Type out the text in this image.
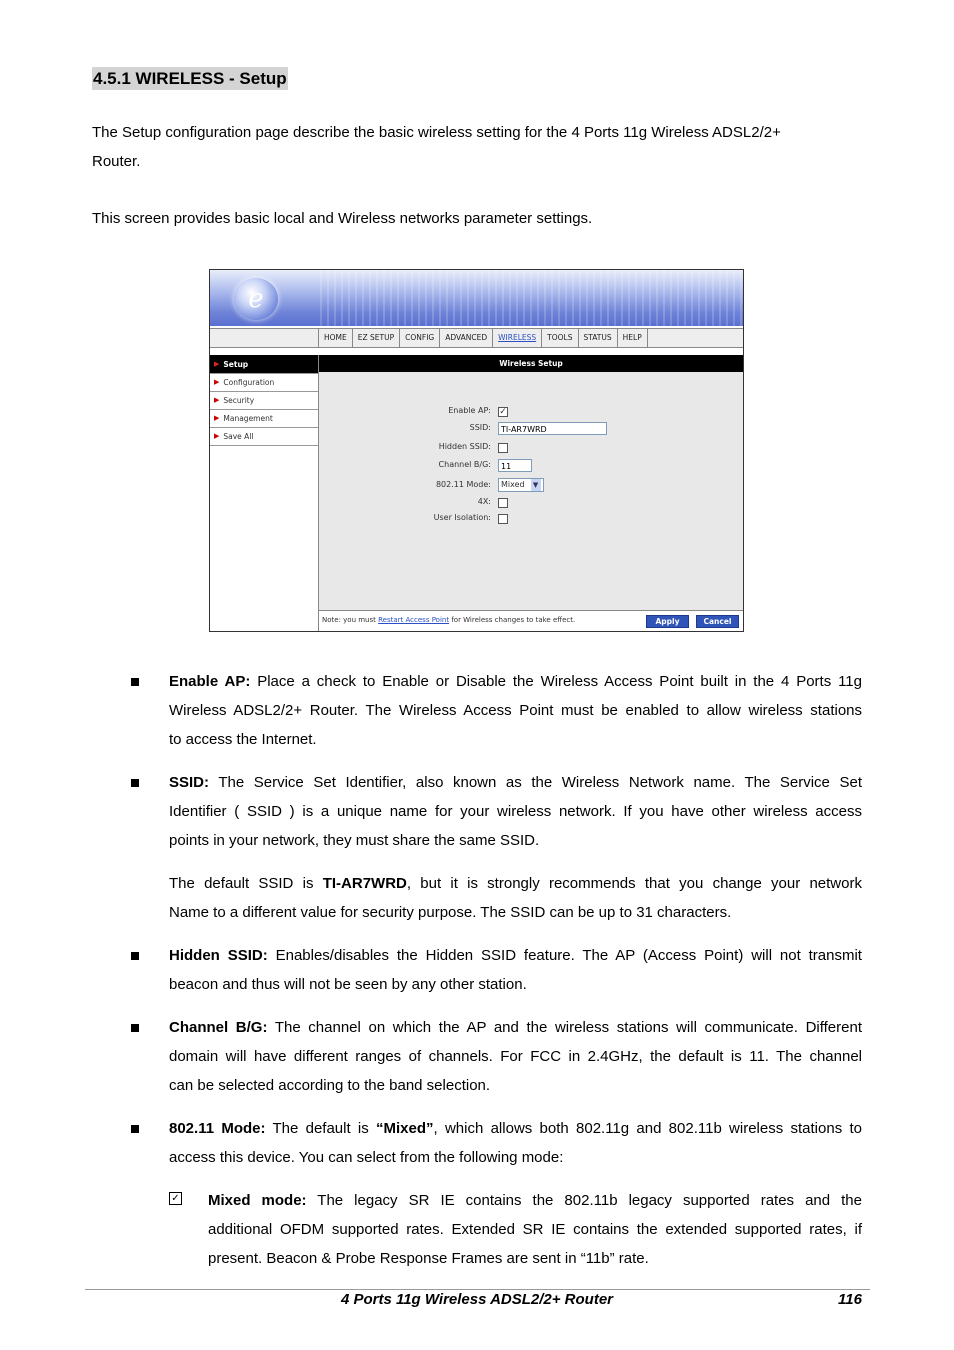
4.5.1 WIRELESS - Setup
The Setup configuration page describe the basic wireless setting for the 4 Ports 11g Wireless ADSL2/2+
Router.
This screen provides basic local and Wireless networks parameter settings.
e
HOME	EZ SETUP	CONFIG	ADVANCED	WIRELESS	TOOLS	STATUS	HELP
▶ Setup
▶ Configuration
▶ Security
▶ Management
▶ Save All
Wireless Setup
Enable AP: ✓
SSID:	TI-AR7WRD
Hidden SSID:
Channel B/G:	11
802.11 Mode: Mixed	▼
4X:
User Isolation:
Note: you must Restart Access Point for Wireless changes to take effect.	Apply	Cancel
Enable AP: Place a check to Enable or Disable the Wireless Access Point built in the 4 Ports 11g
Wireless ADSL2/2+ Router. The Wireless Access Point must be enabled to allow wireless stations
to access the Internet.
SSID: The Service Set Identifier, also known as the Wireless Network name. The Service Set
Identifier ( SSID ) is a unique name for your wireless network. If you have other wireless access
points in your network, they must share the same SSID.
The default SSID is TI-AR7WRD, but it is strongly recommends that you change your network
Name to a different value for security purpose. The SSID can be up to 31 characters.
Hidden SSID: Enables/disables the Hidden SSID feature. The AP (Access Point) will not transmit
beacon and thus will not be seen by any other station.
Channel B/G: The channel on which the AP and the wireless stations will communicate. Different
domain will have different ranges of channels. For FCC in 2.4GHz, the default is 11. The channel
can be selected according to the band selection.
802.11 Mode: The default is “Mixed”, which allows both 802.11g and 802.11b wireless stations to
access this device. You can select from the following mode:
✓ Mixed mode: The legacy SR IE contains the 802.11b legacy supported rates and the
additional OFDM supported rates. Extended SR IE contains the extended supported rates, if
present. Beacon & Probe Response Frames are sent in “11b” rate.
4 Ports 11g Wireless ADSL2/2+ Router	116
